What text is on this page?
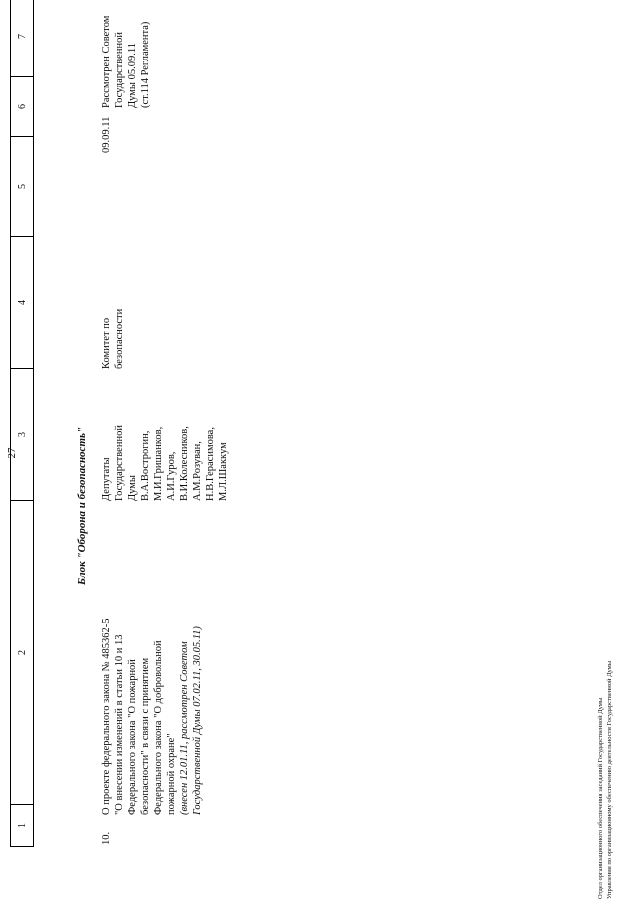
27
1
2
3
4
5
6
7
Блок "Оборона и безопасность"
10.
О проекте федерального закона № 485362-5 "О внесении изменений в статьи 10 и 13 Федерального закона "О пожарной безопасности" в связи с принятием Федерального закона "О добровольной пожарной охране" (внесен 12.01.11, рассмотрен Советом Государственной Думы 07.02.11, 30.05.11)
Депутаты Государственной Думы В.А.Вострогин, М.И.Гришанков, А.И.Гуров, В.И.Колесников, А.М.Розуван, Н.В.Герасимова, М.Л.Шаккум
Комитет по безопасности
09.09.11
Рассмотрен Советом Государственной Думы 05.09.11 (ст.114 Регламента)
Отдел организационного обеспечения заседаний Государственной Думы Управления по организационному обеспечению деятельности Государственной Думы
